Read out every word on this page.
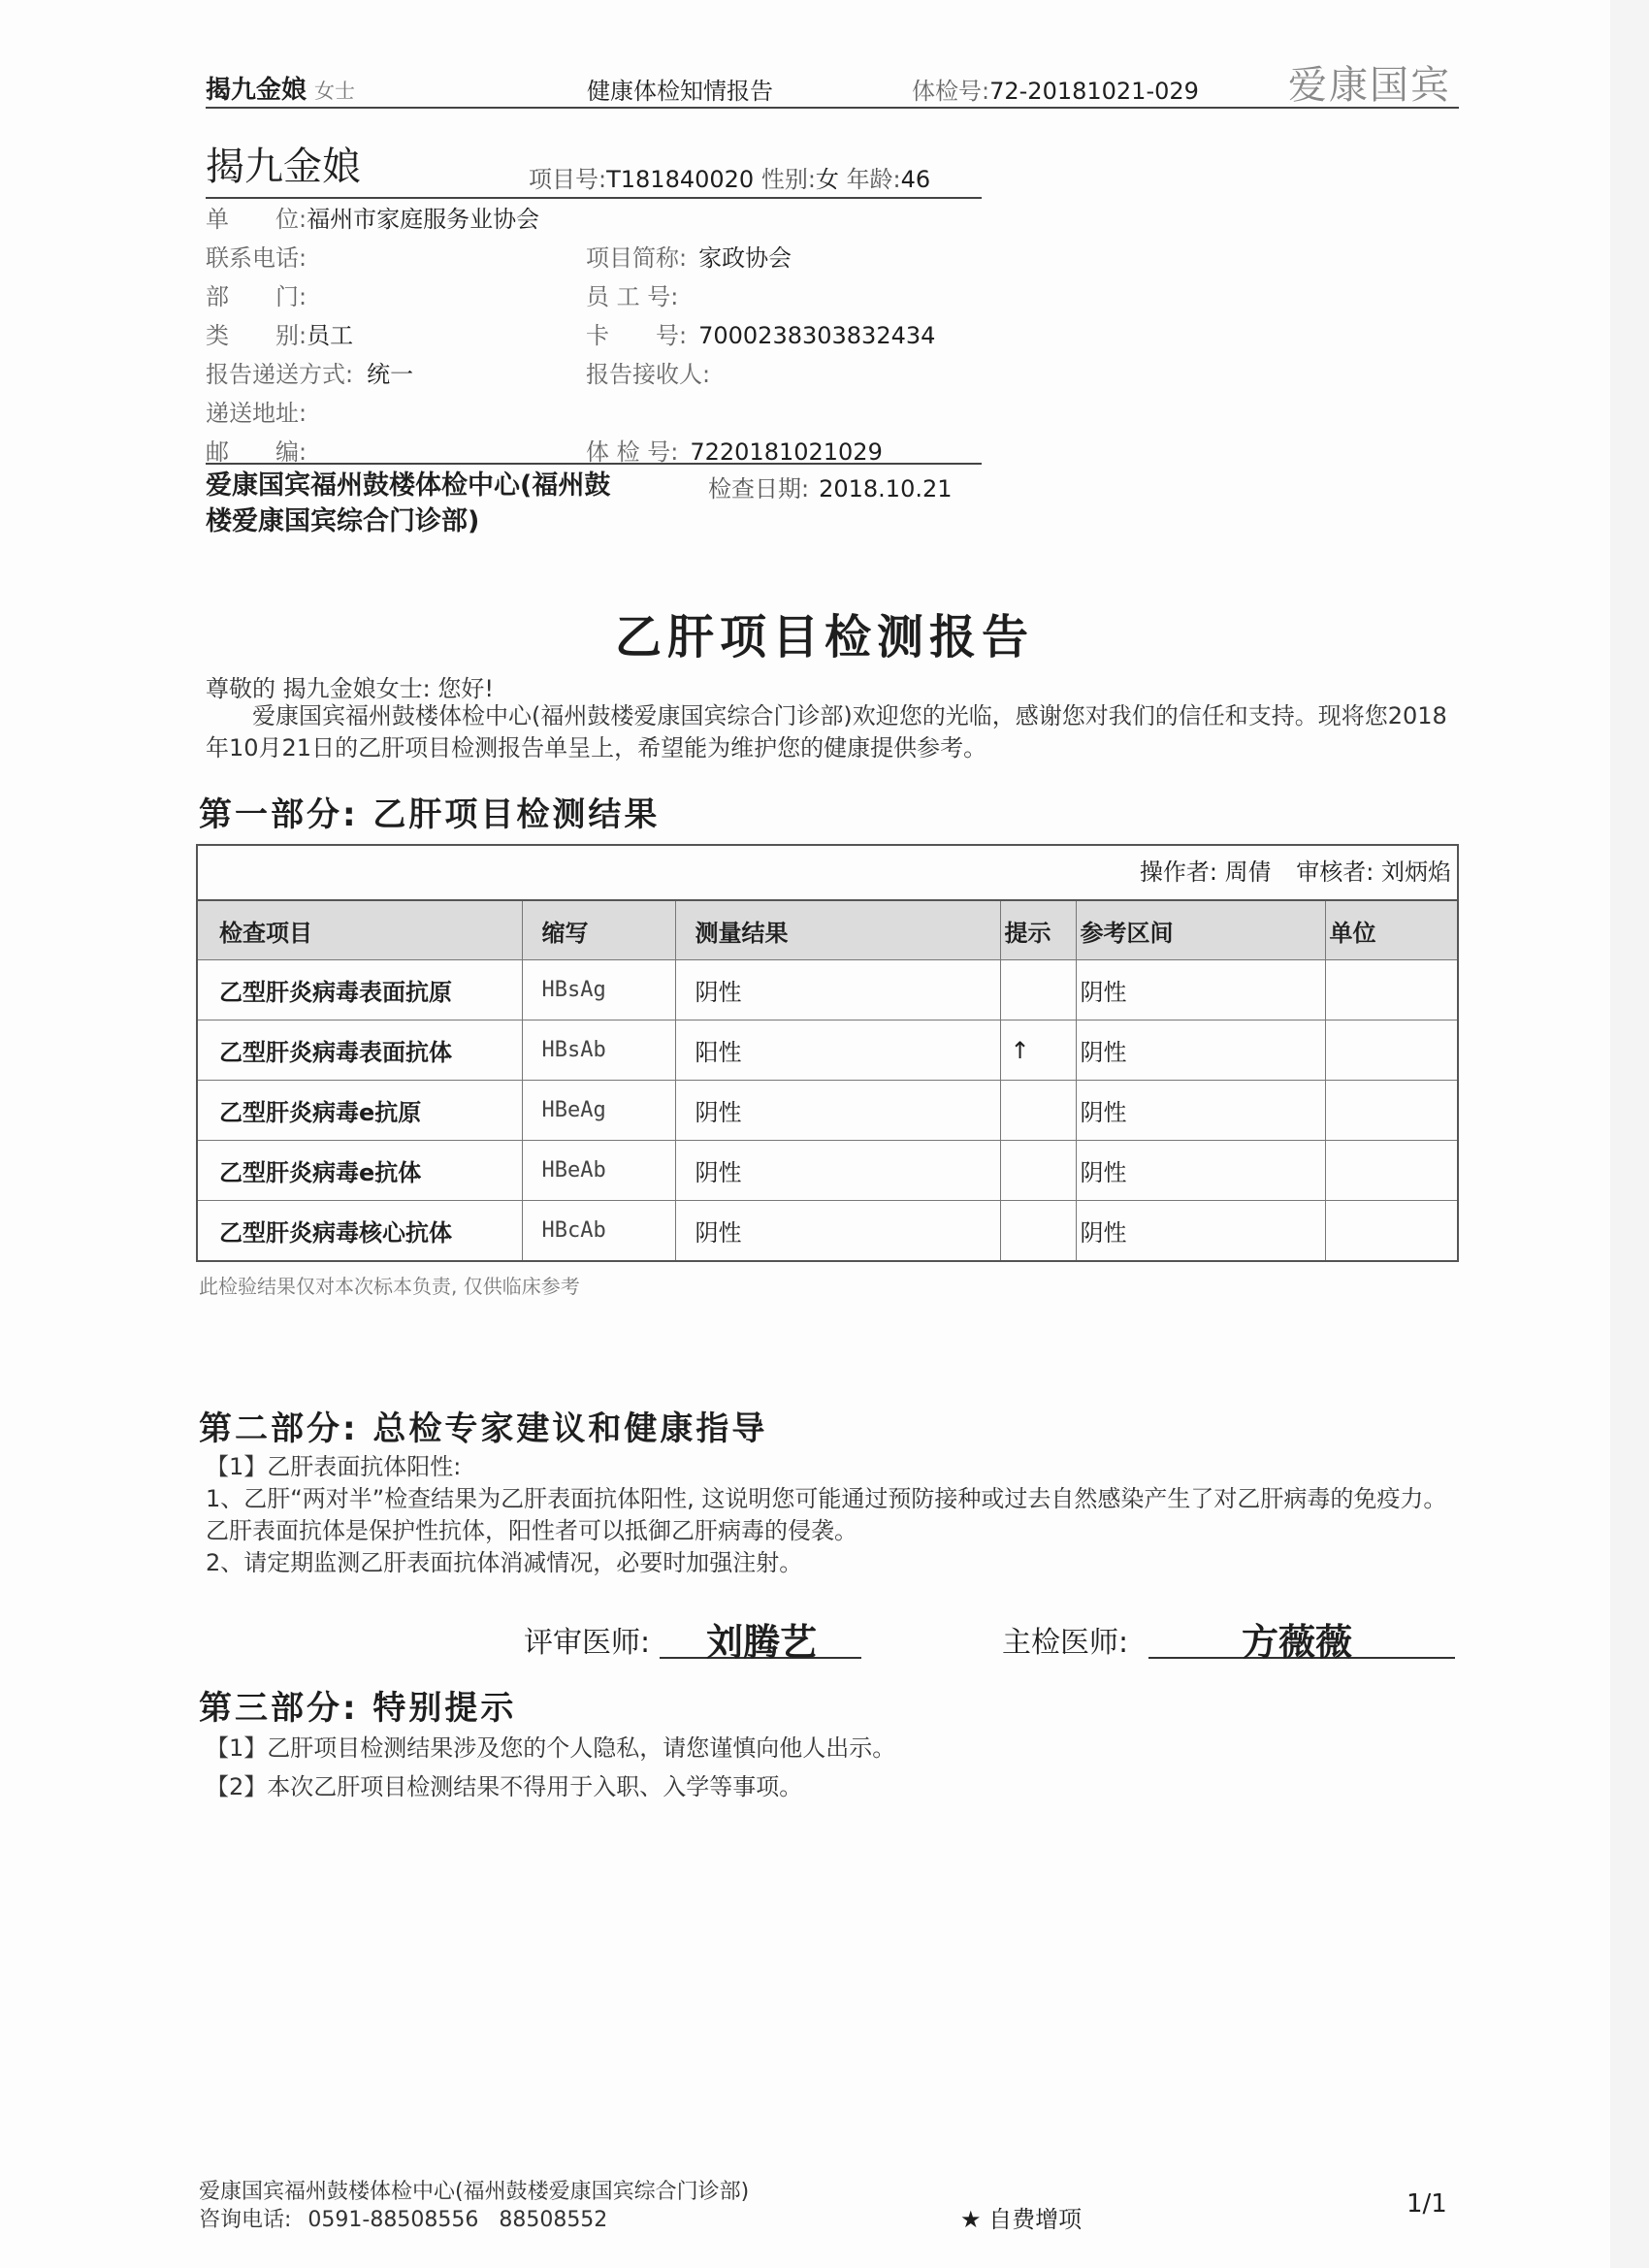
揭九金娘 女士	健康体检知情报告	体检号:72-20181021-029 爱康国宾
揭九金娘	项目号:T181840020 性别:女 年龄:46
单　　位:福州市家庭服务业协会
联系电话:
部　　门:
类　　别:员工
报告递送方式: 统一
递送地址:
邮　　编:
项目简称: 家政协会
员 工 号:
卡　　号: 7000238303832434
报告接收人:
体 检 号: 7220181021029
爱康国宾福州鼓楼体检中心(福州鼓楼爱康国宾综合门诊部)
检查日期: 2018.10.21
乙肝项目检测报告
尊敬的 揭九金娘女士: 您好!
爱康国宾福州鼓楼体检中心(福州鼓楼爱康国宾综合门诊部)欢迎您的光临，感谢您对我们的信任和支持。现将您2018年10月21日的乙肝项目检测报告单呈上，希望能为维护您的健康提供参考。
第一部分: 乙肝项目检测结果
操作者: 周倩 审核者: 刘炳焰
检查项目	缩写	测量结果	提示	参考区间	单位
乙型肝炎病毒表面抗原	HBsAg	阴性		阴性	
乙型肝炎病毒表面抗体	HBsAb	阳性	↑	阴性	
乙型肝炎病毒e抗原	HBeAg	阴性		阴性	
乙型肝炎病毒e抗体	HBeAb	阴性		阴性	
乙型肝炎病毒核心抗体	HBcAb	阴性		阴性	
此检验结果仅对本次标本负责, 仅供临床参考
第二部分: 总检专家建议和健康指导
【1】乙肝表面抗体阳性:
1、乙肝“两对半”检查结果为乙肝表面抗体阳性, 这说明您可能通过预防接种或过去自然感染产生了对乙肝病毒的免疫力。乙肝表面抗体是保护性抗体，阳性者可以抵御乙肝病毒的侵袭。
2、请定期监测乙肝表面抗体消减情况，必要时加强注射。
评审医师: 刘腾艺	主检医师:	方薇薇
第三部分: 特别提示
【1】乙肝项目检测结果涉及您的个人隐私，请您谨慎向他人出示。
【2】本次乙肝项目检测结果不得用于入职、入学等事项。
爱康国宾福州鼓楼体检中心(福州鼓楼爱康国宾综合门诊部)
咨询电话: 0591-88508556 88508552	★ 自费增项
1/1
